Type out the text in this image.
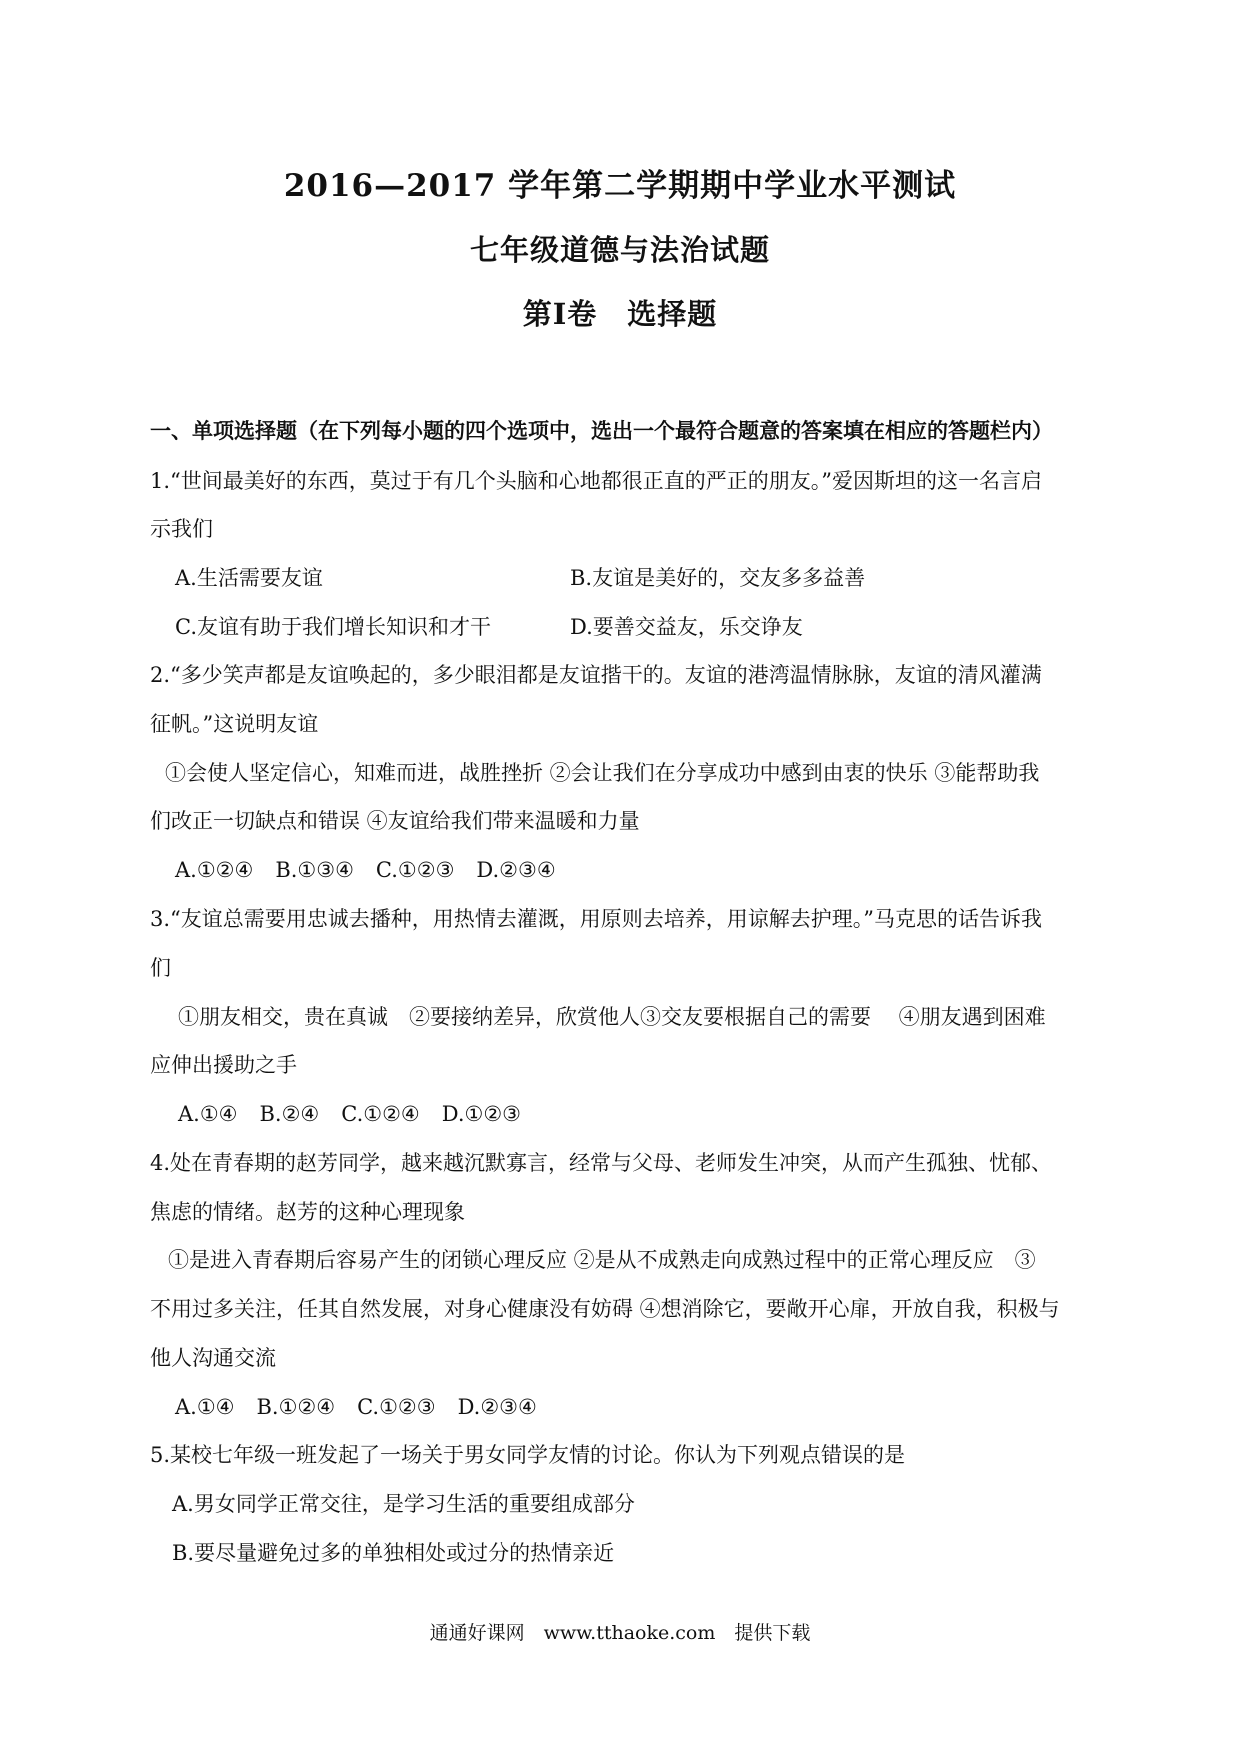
2016—2017 学年第二学期期中学业水平测试
七年级道德与法治试题
第Ⅰ卷　选择题
一、单项选择题（在下列每小题的四个选项中，选出一个最符合题意的答案填在相应的答题栏内）
1.“世间最美好的东西，莫过于有几个头脑和心地都很正直的严正的朋友。”爱因斯坦的这一名言启
示我们
A.生活需要友谊	B.友谊是美好的，交友多多益善
C.友谊有助于我们增长知识和才干	D.要善交益友，乐交诤友
2.“多少笑声都是友谊唤起的，多少眼泪都是友谊揩干的。友谊的港湾温情脉脉，友谊的清风灌满
征帆。”这说明友谊
①会使人坚定信心，知难而进，战胜挫折 ②会让我们在分享成功中感到由衷的快乐 ③能帮助我
们改正一切缺点和错误 ④友谊给我们带来温暖和力量
A.①②④ B.①③④ C.①②③ D.②③④
3.“友谊总需要用忠诚去播种，用热情去灌溉，用原则去培养，用谅解去护理。”马克思的话告诉我
们
①朋友相交，贵在真诚　②要接纳差异，欣赏他人③交友要根据自己的需要　 ④朋友遇到困难
应伸出援助之手
A.①④ B.②④ C.①②④ D.①②③
4.处在青春期的赵芳同学，越来越沉默寡言，经常与父母、老师发生冲突，从而产生孤独、忧郁、
焦虑的情绪。赵芳的这种心理现象
①是进入青春期后容易产生的闭锁心理反应 ②是从不成熟走向成熟过程中的正常心理反应　③
不用过多关注，任其自然发展，对身心健康没有妨碍 ④想消除它，要敞开心扉，开放自我，积极与
他人沟通交流
A.①④ B.①②④ C.①②③ D.②③④
5.某校七年级一班发起了一场关于男女同学友情的讨论。你认为下列观点错误的是
A.男女同学正常交往，是学习生活的重要组成部分
B.要尽量避免过多的单独相处或过分的热情亲近
通通好课网　www.tthaoke.com　提供下载
